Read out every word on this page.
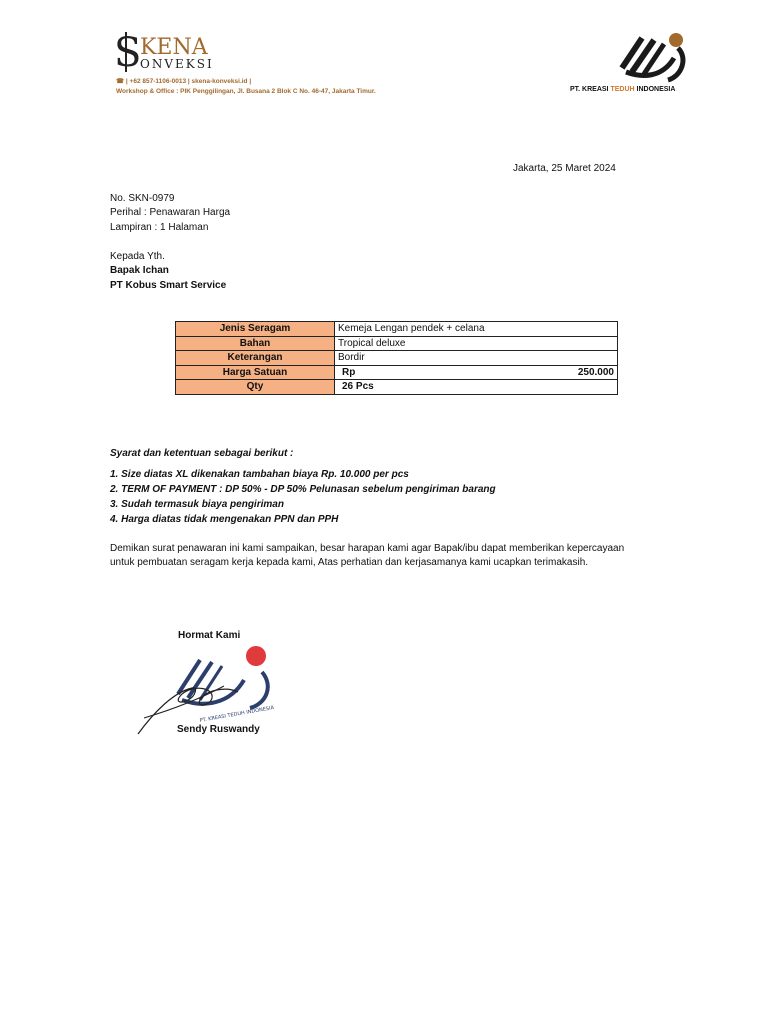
S
KENA
ONVEKSI
☎ | +62 857-1106-0013 | skena-konveksi.id |
Workshop & Office : PIK Penggilingan, Jl. Busana 2 Blok C No. 46-47, Jakarta Timur.	PT. KREASI TEDUH INDONESIA
Jakarta, 25 Maret 2024
No. SKN-0979
Perihal : Penawaran Harga
Lampiran : 1 Halaman
Kepada Yth.
Bapak Ichan
PT Kobus Smart Service
Jenis Seragam	Kemeja Lengan pendek + celana
Bahan	Tropical deluxe
Keterangan	Bordir
Harga Satuan	Rp 250.000

Qty	26 Pcs
Syarat dan ketentuan sebagai berikut :
1. Size diatas XL dikenakan tambahan biaya Rp. 10.000 per pcs
2. TERM OF PAYMENT : DP 50% - DP 50% Pelunasan sebelum pengiriman barang
3. Sudah termasuk biaya pengiriman
4. Harga diatas tidak mengenakan PPN dan PPH
Demikan surat penawaran ini kami sampaikan, besar harapan kami agar Bapak/ibu dapat memberikan kepercayaan
untuk pembuatan seragam kerja kepada kami, Atas perhatian dan kerjasamanya kami ucapkan terimakasih.
Hormat Kami
PT. KREASI TEDUH INDONESIA
Sendy Ruswandy
